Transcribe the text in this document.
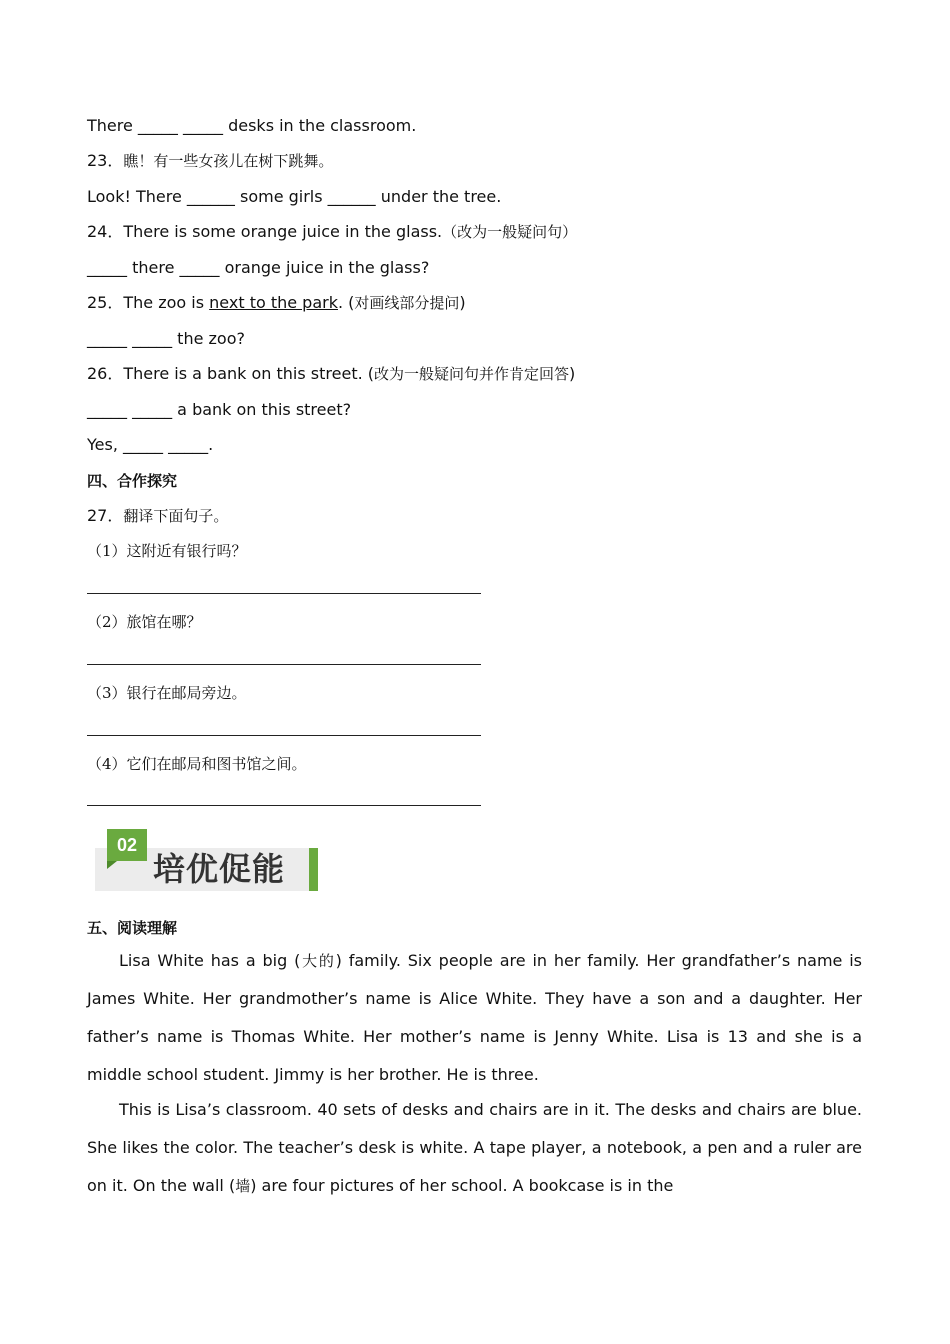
There _____ _____ desks in the classroom.
23．瞧！有一些女孩儿在树下跳舞。
Look! There ______ some girls ______ under the tree.
24．There is some orange juice in the glass.（改为一般疑问句）
_____ there _____ orange juice in the glass?
25．The zoo is next to the park. (对画线部分提问)
_____ _____ the zoo?
26．There is a bank on this street. (改为一般疑问句并作肯定回答)
_____ _____ a bank on this street?
Yes, _____ _____.
四、合作探究
27．翻译下面句子。
（1）这附近有银行吗？
（2）旅馆在哪？
（3）银行在邮局旁边。
（4）它们在邮局和图书馆之间。
02
培优促能
五、阅读理解
Lisa White has a big (大的) family. Six people are in her family. Her grandfather’s name is James White. Her grandmother’s name is Alice White. They have a son and a daughter. Her father’s name is Thomas White. Her mother’s name is Jenny White. Lisa is 13 and she is a middle school student. Jimmy is her brother. He is three.
This is Lisa’s classroom. 40 sets of desks and chairs are in it. The desks and chairs are blue. She likes the color. The teacher’s desk is white. A tape player, a notebook, a pen and a ruler are on it. On the wall (墙) are four pictures of her school. A bookcase is in the
